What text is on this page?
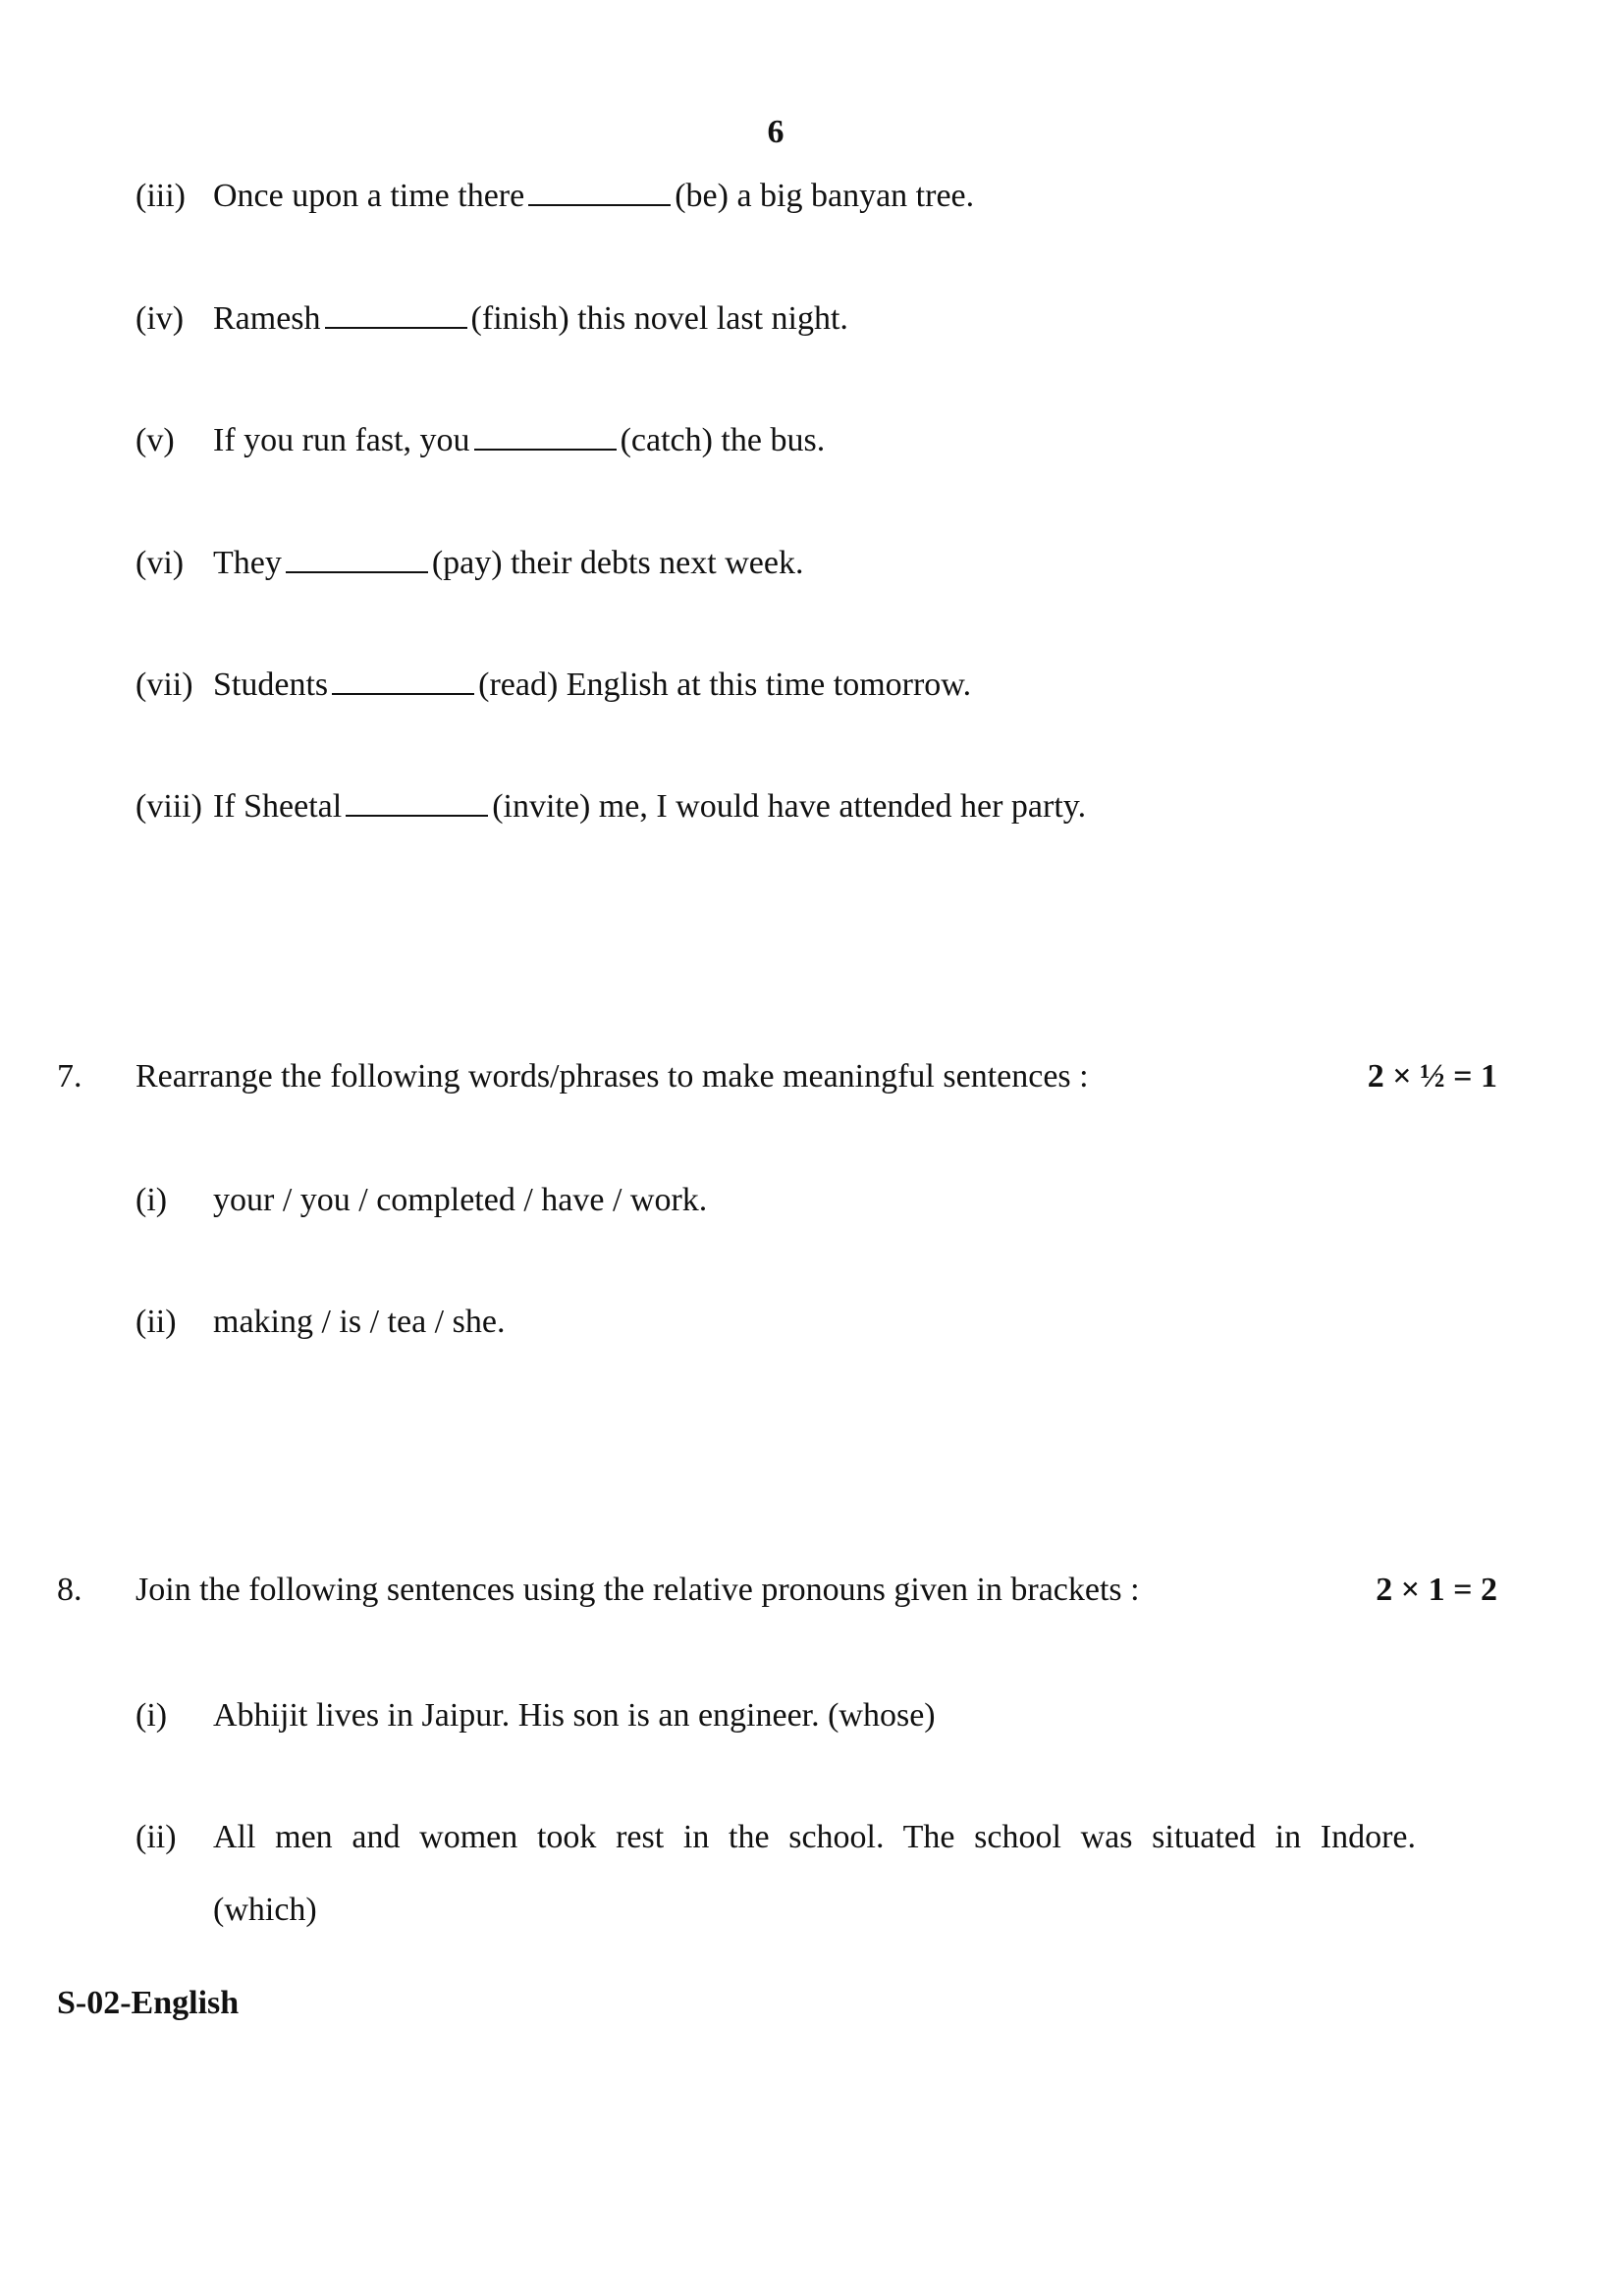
6
(iii) Once upon a time there	(be) a big banyan tree.
(iv) Ramesh	(finish) this novel last night.
(v) If you run fast, you	(catch) the bus.
(vi) They	(pay) their debts next week.
(vii) Students	(read) English at this time tomorrow.
(viii) If Sheetal	(invite) me, I would have attended her party.
7. Rearrange the following words/phrases to make meaningful sentences :	2 × ½ = 1
(i) your / you / completed / have / work.
(ii) making / is / tea / she.
8. Join the following sentences using the relative pronouns given in brackets :	2 × 1 = 2
(i) Abhijit lives in Jaipur. His son is an engineer. (whose)
(ii) All men and women took rest in the school. The school was situated in Indore.
(which)
S-02-English
